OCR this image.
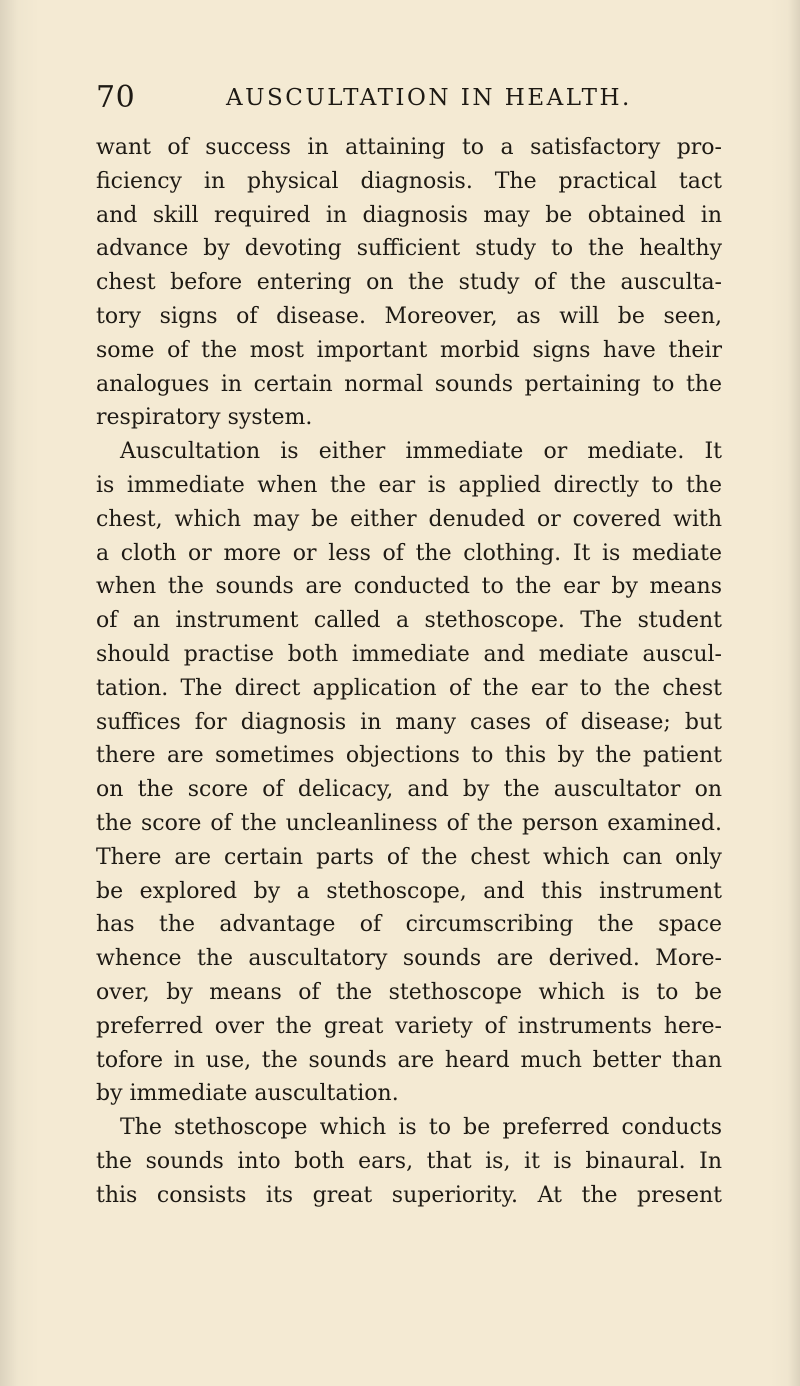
70	AUSCULTATION IN HEALTH.
want of success in attaining to a satisfactory pro-
ficiency in physical diagnosis. The practical tact
and skill required in diagnosis may be obtained in
advance by devoting sufficient study to the healthy
chest before entering on the study of the ausculta-
tory signs of disease. Moreover, as will be seen,
some of the most important morbid signs have their
analogues in certain normal sounds pertaining to the
respiratory system.
Auscultation is either immediate or mediate. It
is immediate when the ear is applied directly to the
chest, which may be either denuded or covered with
a cloth or more or less of the clothing. It is mediate
when the sounds are conducted to the ear by means
of an instrument called a stethoscope. The student
should practise both immediate and mediate auscul-
tation. The direct application of the ear to the chest
suffices for diagnosis in many cases of disease; but
there are sometimes objections to this by the patient
on the score of delicacy, and by the auscultator on
the score of the uncleanliness of the person examined.
There are certain parts of the chest which can only
be explored by a stethoscope, and this instrument
has the advantage of circumscribing the space
whence the auscultatory sounds are derived. More-
over, by means of the stethoscope which is to be
preferred over the great variety of instruments here-
tofore in use, the sounds are heard much better than
by immediate auscultation.
The stethoscope which is to be preferred conducts
the sounds into both ears, that is, it is binaural. In
this consists its great superiority. At the present
